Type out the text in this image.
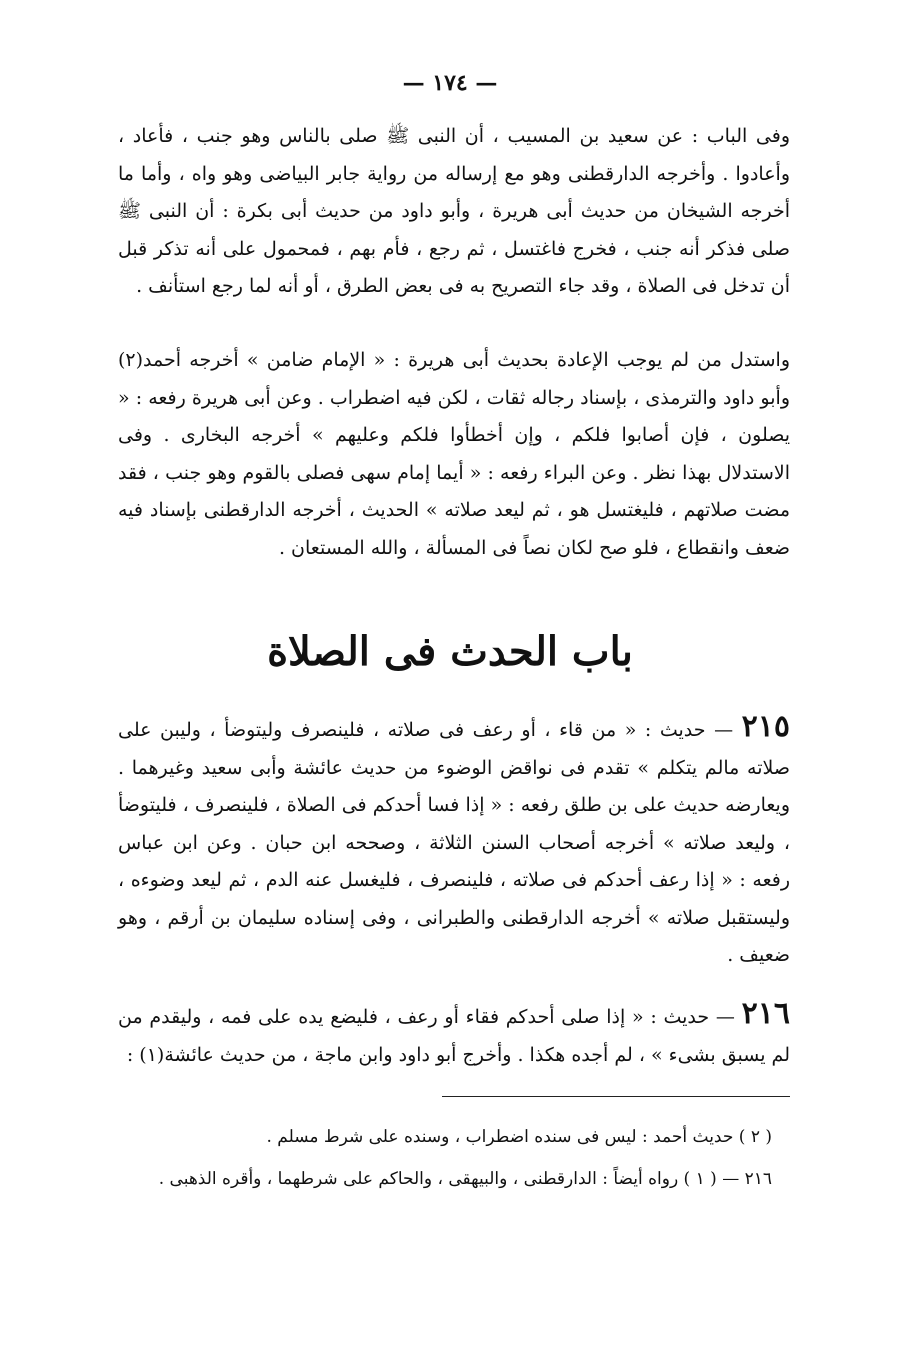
— ١٧٤ —

وفى الباب : عن سعيد بن المسيب ، أن النبى ﷺ صلى بالناس وهو جنب ، فأعاد ، وأعادوا . وأخرجه الدارقطنى وهو مع إرساله من رواية جابر البياضى وهو واه ، وأما ما أخرجه الشيخان من حديث أبى هريرة ، وأبو داود من حديث أبى بكرة : أن النبى ﷺ صلى فذكر أنه جنب ، فخرج فاغتسل ، ثم رجع ، فأم بهم ، فمحمول على أنه تذكر قبل أن تدخل فى الصلاة ، وقد جاء التصريح به فى بعض الطرق ، أو أنه لما رجع استأنف .

واستدل من لم يوجب الإعادة بحديث أبى هريرة : « الإمام ضامن » أخرجه أحمد(٢) وأبو داود والترمذى ، بإسناد رجاله ثقات ، لكن فيه اضطراب . وعن أبى هريرة رفعه : « يصلون ، فإن أصابوا فلكم ، وإن أخطأوا فلكم وعليهم » أخرجه البخارى . وفى الاستدلال بهذا نظر . وعن البراء رفعه : « أيما إمام سهى فصلى بالقوم وهو جنب ، فقد مضت صلاتهم ، فليغتسل هو ، ثم ليعد صلاته » الحديث ، أخرجه الدارقطنى بإسناد فيه ضعف وانقطاع ، فلو صح لكان نصاً فى المسألة ، والله المستعان .

باب الحدث فى الصلاة

٢١٥ — حديث : « من قاء ، أو رعف فى صلاته ، فلينصرف وليتوضأ ، وليبن على صلاته مالم يتكلم » تقدم فى نواقض الوضوء من حديث عائشة وأبى سعيد وغيرهما . ويعارضه حديث على بن طلق رفعه : « إذا فسا أحدكم فى الصلاة ، فلينصرف ، فليتوضأ ، وليعد صلاته » أخرجه أصحاب السنن الثلاثة ، وصححه ابن حبان . وعن ابن عباس رفعه : « إذا رعف أحدكم فى صلاته ، فلينصرف ، فليغسل عنه الدم ، ثم ليعد وضوءه ، وليستقبل صلاته » أخرجه الدارقطنى والطبرانى ، وفى إسناده سليمان بن أرقم ، وهو ضعيف .

٢١٦ — حديث : « إذا صلى أحدكم فقاء أو رعف ، فليضع يده على فمه ، وليقدم من لم يسبق بشىء » ، لم أجده هكذا . وأخرج أبو داود وابن ماجة ، من حديث عائشة(١) :

( ٢ ) حديث أحمد : ليس فى سنده اضطراب ، وسنده على شرط مسلم .

٢١٦ — ( ١ ) رواه أيضاً : الدارقطنى ، والبيهقى ، والحاكم على شرطهما ، وأقره الذهبى .
